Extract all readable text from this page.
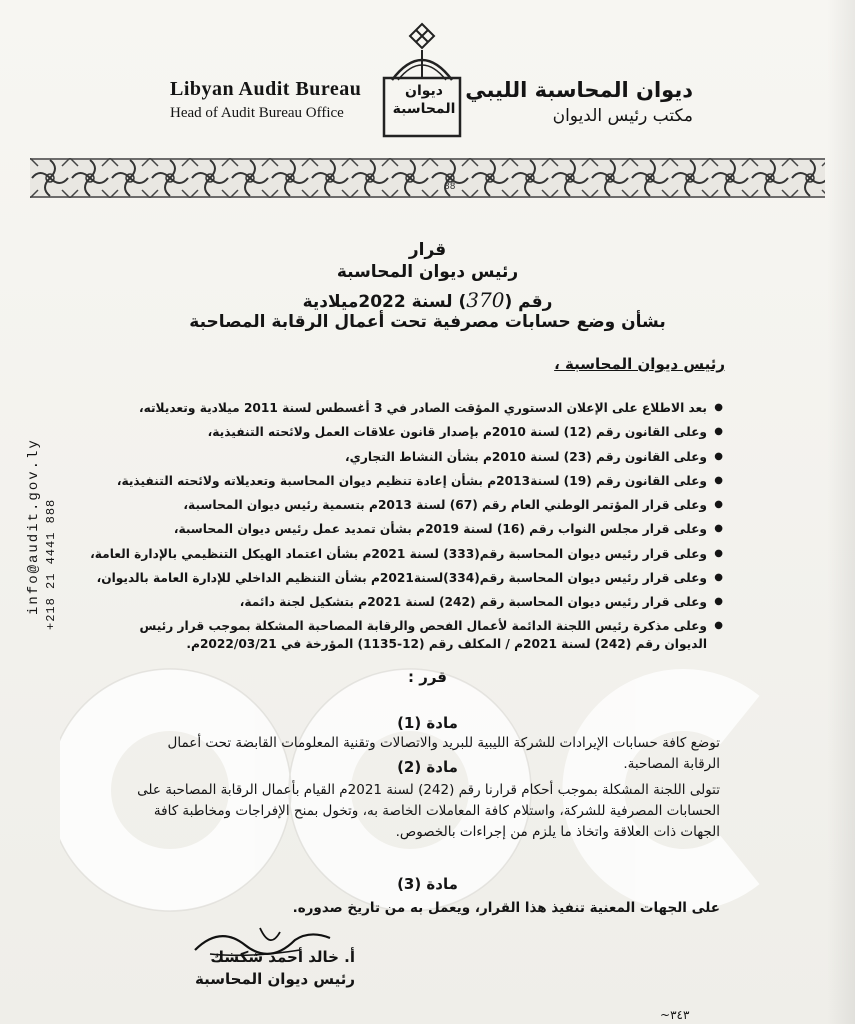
Libyan Audit Bureau
Head of Audit Bureau Office
ديوان
المحاسبة
ديوان المحاسبة الليبي
مكتب رئيس الديوان
88
قرار
رئيس ديوان المحاسبة
رقم (370) لسنة 2022ميلادية
بشأن وضع حسابات مصرفية تحت أعمال الرقابة المصاحبة
رئيس ديوان المحاسبة ،
● بعد الاطلاع على الإعلان الدستوري المؤقت الصادر في 3 أغسطس لسنة 2011 ميلادية وتعديلاته،
● وعلى القانون رقم (12) لسنة 2010م بإصدار قانون علاقات العمل ولائحته التنفيذية،
● وعلى القانون رقم (23) لسنة 2010م بشأن النشاط التجاري،
● وعلى القانون رقم (19) لسنة2013م بشأن إعادة تنظيم ديوان المحاسبة وتعديلاته ولائحته التنفيذية،
● وعلى قرار المؤتمر الوطني العام رقم (67) لسنة 2013م بتسمية رئيس ديوان المحاسبة،
● وعلى قرار مجلس النواب رقم (16) لسنة 2019م بشأن تمديد عمل رئيس ديوان المحاسبة،
● وعلى قرار رئيس ديوان المحاسبة رقم(333) لسنة 2021م بشأن اعتماد الهيكل التنظيمي بالإدارة العامة،
● وعلى قرار رئيس ديوان المحاسبة رقم(334)لسنة2021م بشأن التنظيم الداخلي للإدارة العامة بالديوان،
● وعلى قرار رئيس ديوان المحاسبة رقم (242) لسنة 2021م بتشكيل لجنة دائمة،
● وعلى مذكرة رئيس اللجنة الدائمة لأعمال الفحص والرقابة المصاحبة المشكلة بموجب قرار رئيس الديوان رقم (242) لسنة 2021م / المكلف رقم (12-1135) المؤرخة في 2022/03/21م.
قرر :
مادة (1)
توضع كافة حسابات الإيرادات للشركة الليبية للبريد والاتصالات وتقنية المعلومات القابضة تحت أعمال الرقابة المصاحبة.
مادة (2)
تتولى اللجنة المشكلة بموجب أحكام قرارنا رقم (242) لسنة 2021م القيام بأعمال الرقابة المصاحبة على الحسابات المصرفية للشركة، واستلام كافة المعاملات الخاصة به، وتخول بمنح الإفراجات ومخاطبة كافة الجهات ذات العلاقة واتخاذ ما يلزم من إجراءات بالخصوص.
مادة (3)
على الجهات المعنية تنفيذ هذا القرار، ويعمل به من تاريخ صدوره.
أ. خالد أحمد شكشك
رئيس ديوان المحاسبة
info@audit.gov.ly +218 21 4441 888
~٣٤٣
